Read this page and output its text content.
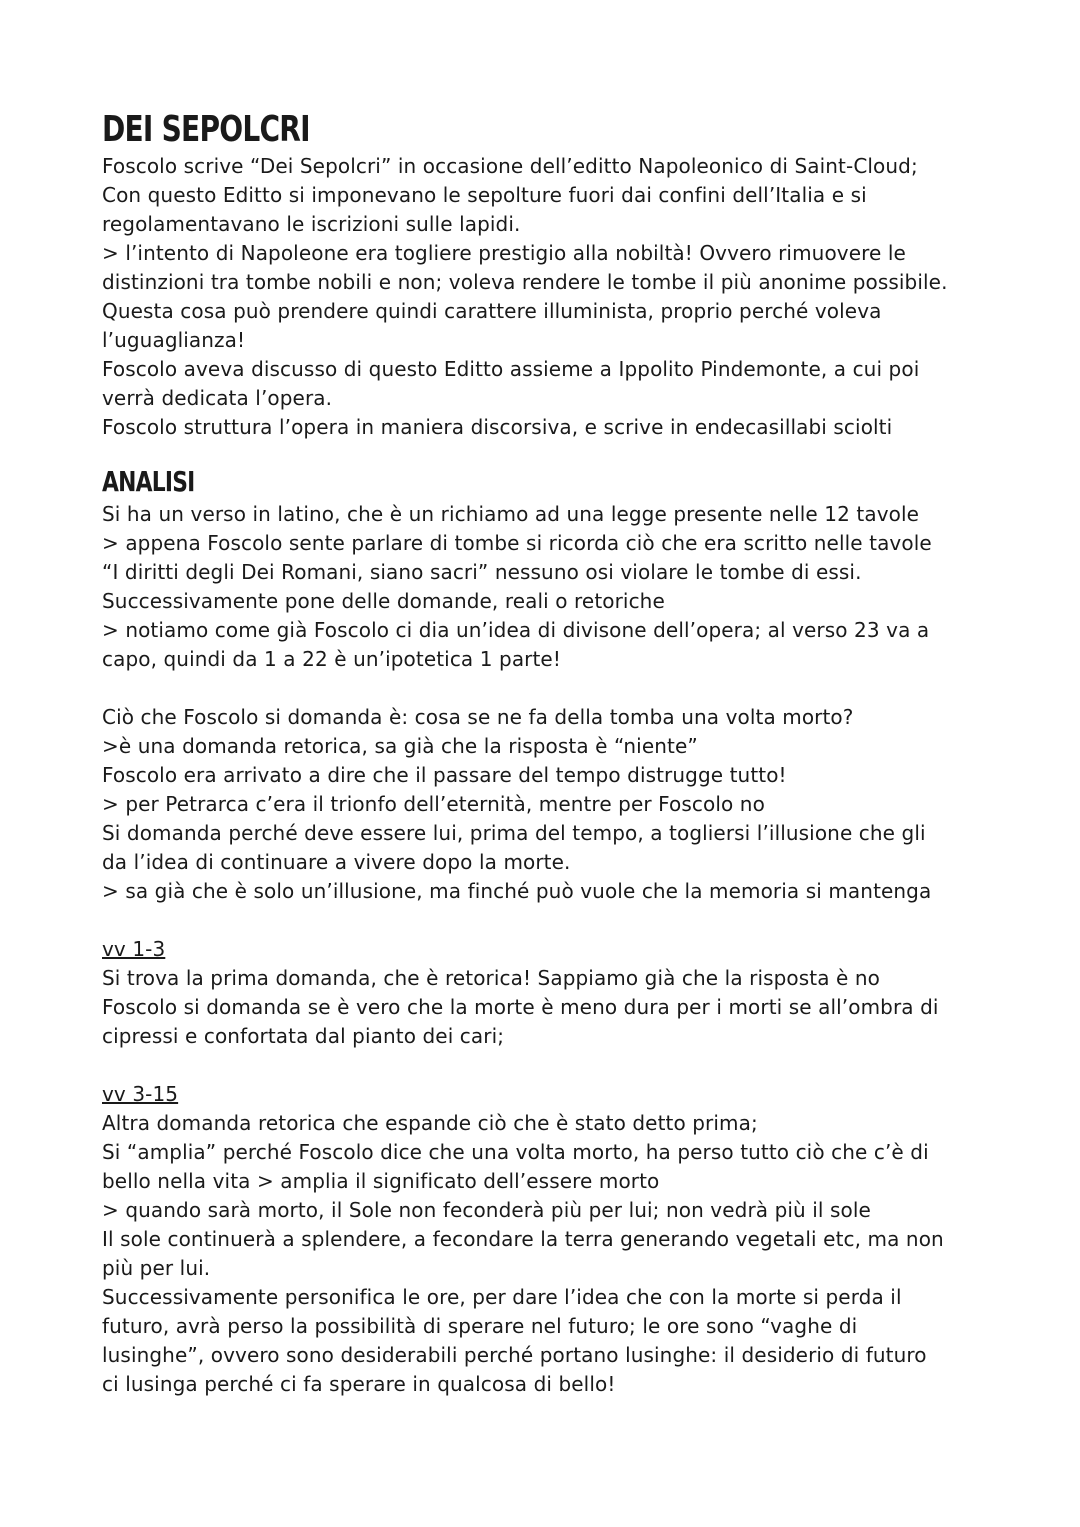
DEI SEPOLCRI
Foscolo scrive “Dei Sepolcri” in occasione dell’editto Napoleonico di Saint-Cloud;
Con questo Editto si imponevano le sepolture fuori dai confini dell’Italia e si
regolamentavano le iscrizioni sulle lapidi.
> l’intento di Napoleone era togliere prestigio alla nobiltà! Ovvero rimuovere le
distinzioni tra tombe nobili e non; voleva rendere le tombe il più anonime possibile.
Questa cosa può prendere quindi carattere illuminista, proprio perché voleva
l’uguaglianza!
Foscolo aveva discusso di questo Editto assieme a Ippolito Pindemonte, a cui poi
verrà dedicata l’opera.
Foscolo struttura l’opera in maniera discorsiva, e scrive in endecasillabi sciolti
ANALISI
Si ha un verso in latino, che è un richiamo ad una legge presente nelle 12 tavole
> appena Foscolo sente parlare di tombe si ricorda ciò che era scritto nelle tavole
“I diritti degli Dei Romani, siano sacri” nessuno osi violare le tombe di essi.
Successivamente pone delle domande, reali o retoriche
> notiamo come già Foscolo ci dia un’idea di divisone dell’opera; al verso 23 va a
capo, quindi da 1 a 22 è un’ipotetica 1 parte!
Ciò che Foscolo si domanda è: cosa se ne fa della tomba una volta morto?
>è una domanda retorica, sa già che la risposta è “niente”
Foscolo era arrivato a dire che il passare del tempo distrugge tutto!
> per Petrarca c’era il trionfo dell’eternità, mentre per Foscolo no
Si domanda perché deve essere lui, prima del tempo, a togliersi l’illusione che gli
da l’idea di continuare a vivere dopo la morte.
> sa già che è solo un’illusione, ma finché può vuole che la memoria si mantenga
vv 1-3
Si trova la prima domanda, che è retorica! Sappiamo già che la risposta è no
Foscolo si domanda se è vero che la morte è meno dura per i morti se all’ombra di
cipressi e confortata dal pianto dei cari;
vv 3-15
Altra domanda retorica che espande ciò che è stato detto prima;
Si “amplia” perché Foscolo dice che una volta morto, ha perso tutto ciò che c’è di
bello nella vita > amplia il significato dell’essere morto
> quando sarà morto, il Sole non feconderà più per lui; non vedrà più il sole
Il sole continuerà a splendere, a fecondare la terra generando vegetali etc, ma non
più per lui.
Successivamente personifica le ore, per dare l’idea che con la morte si perda il
futuro, avrà perso la possibilità di sperare nel futuro; le ore sono “vaghe di
lusinghe”, ovvero sono desiderabili perché portano lusinghe: il desiderio di futuro
ci lusinga perché ci fa sperare in qualcosa di bello!
